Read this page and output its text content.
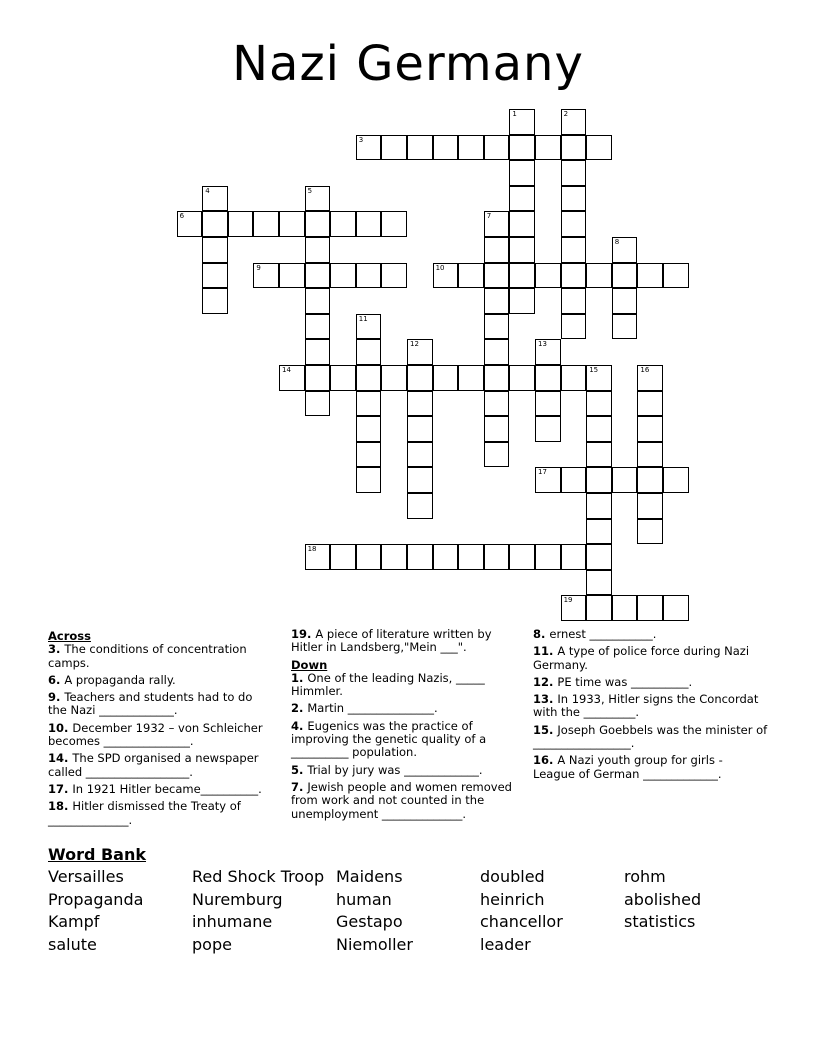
Nazi Germany
1	2
3
4	5
6	7
8
9	10
11
12	13
14	15	16
17
18
19
Across
3. The conditions of concentration camps.
6. A propaganda rally.
9. Teachers and students had to do the Nazi _____________.
10. December 1932 – von Schleicher becomes _______________.
14. The SPD organised a newspaper called __________________.
17. In 1921 Hitler became__________.
18. Hitler dismissed the Treaty of ______________.
19. A piece of literature written by Hitler in Landsberg,"Mein ___".
Down
1. One of the leading Nazis, _____ Himmler.
2. Martin _______________.
4. Eugenics was the practice of improving the genetic quality of a __________ population.
5. Trial by jury was _____________.
7. Jewish people and women removed from work and not counted in the unemployment ______________.
8. ernest ___________.
11. A type of police force during Nazi Germany.
12. PE time was __________.
13. In 1933, Hitler signs the Concordat with the _________.
15. Joseph Goebbels was the minister of _________________.
16. A Nazi youth group for girls - League of German _____________.
Word Bank
Versailles
Propaganda
Kampf
salute
Red Shock Troop
Nuremburg
inhumane
pope
Maidens
human
Gestapo
Niemoller
doubled
heinrich
chancellor
leader
rohm
abolished
statistics
